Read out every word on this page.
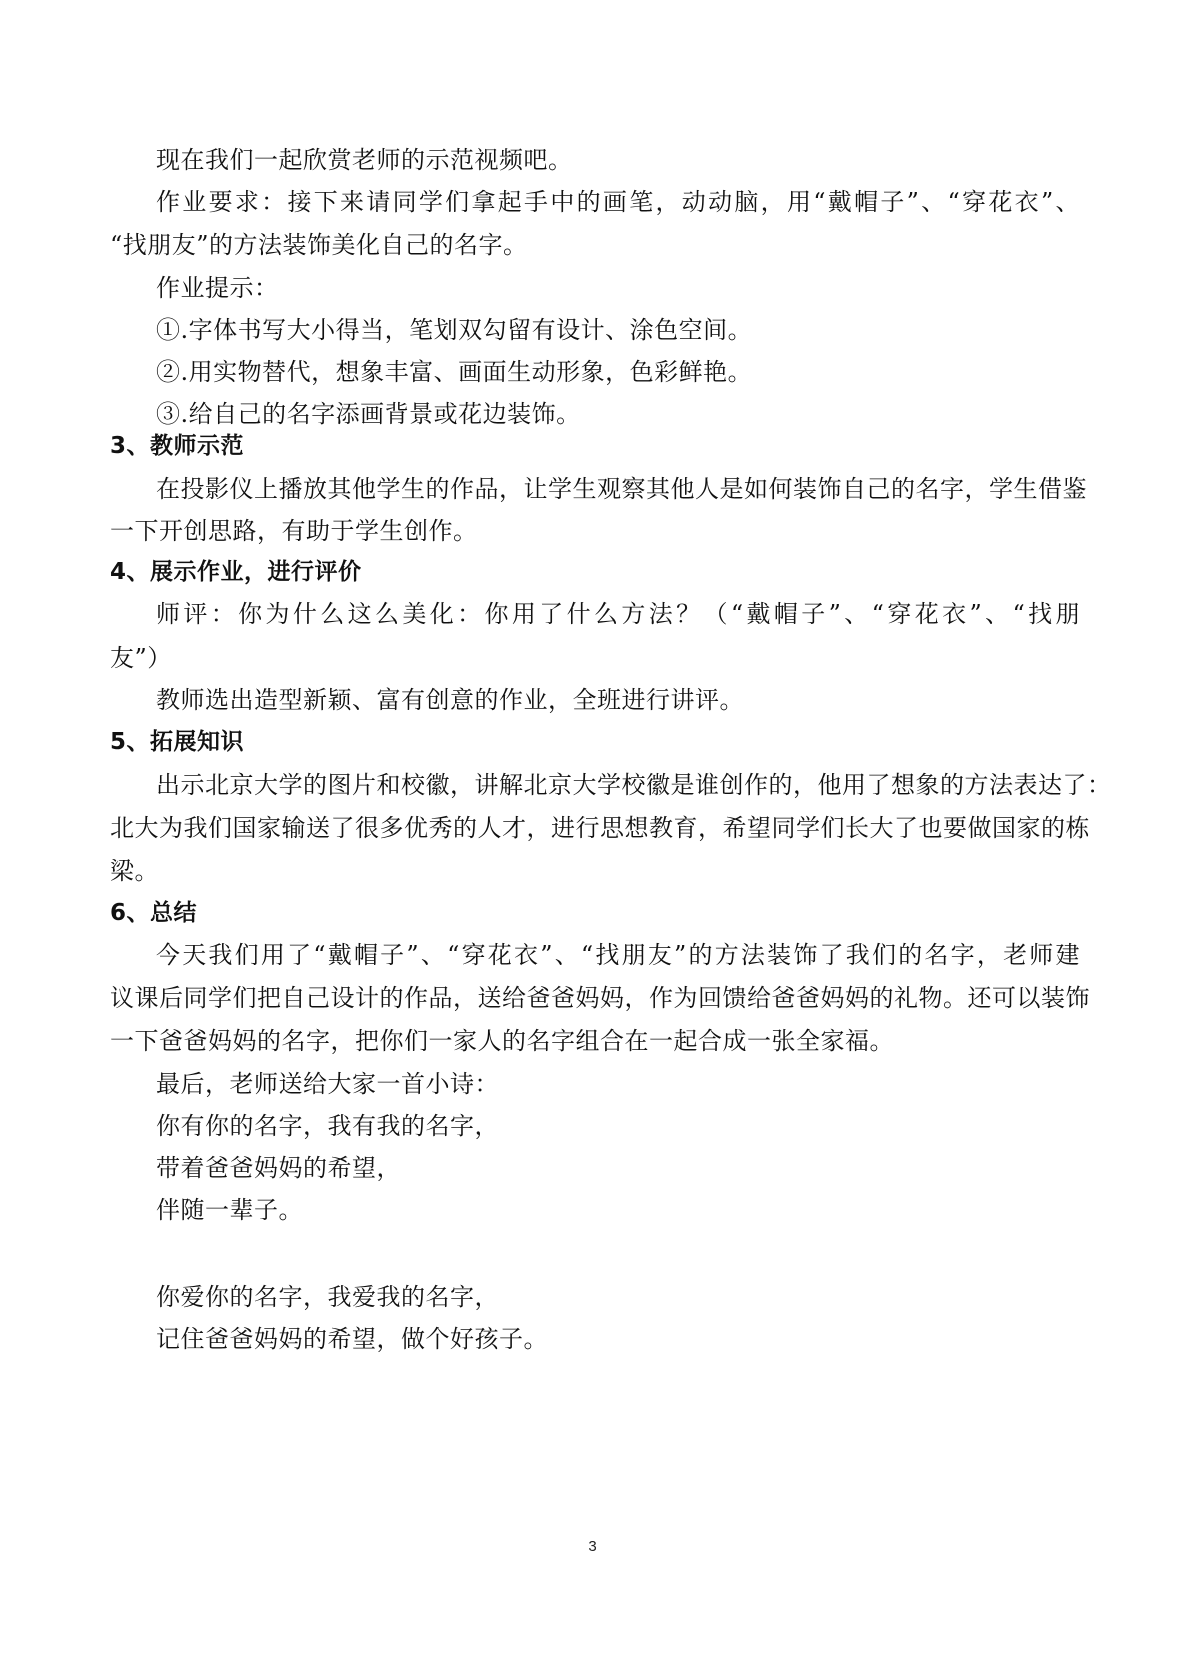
现在我们一起欣赏老师的示范视频吧。
作业要求：接下来请同学们拿起手中的画笔，动动脑，用“戴帽子”、“穿花衣”、
“找朋友”的方法装饰美化自己的名字。
作业提示：
①.字体书写大小得当，笔划双勾留有设计、涂色空间。
②.用实物替代，想象丰富、画面生动形象，色彩鲜艳。
③.给自己的名字添画背景或花边装饰。
3、教师示范
在投影仪上播放其他学生的作品，让学生观察其他人是如何装饰自己的名字，学生借鉴
一下开创思路，有助于学生创作。
4、展示作业，进行评价
师评：你为什么这么美化：你用了什么方法？（“戴帽子”、“穿花衣”、“找朋
友”）
教师选出造型新颖、富有创意的作业，全班进行讲评。
5、拓展知识
出示北京大学的图片和校徽，讲解北京大学校徽是谁创作的，他用了想象的方法表达了：
北大为我们国家输送了很多优秀的人才，进行思想教育，希望同学们长大了也要做国家的栋
梁。
6、总结
今天我们用了“戴帽子”、“穿花衣”、“找朋友”的方法装饰了我们的名字，老师建
议课后同学们把自己设计的作品，送给爸爸妈妈，作为回馈给爸爸妈妈的礼物。还可以装饰
一下爸爸妈妈的名字，把你们一家人的名字组合在一起合成一张全家福。
最后，老师送给大家一首小诗：
你有你的名字，我有我的名字，
带着爸爸妈妈的希望，
伴随一辈子。
你爱你的名字，我爱我的名字，
记住爸爸妈妈的希望，做个好孩子。
3
